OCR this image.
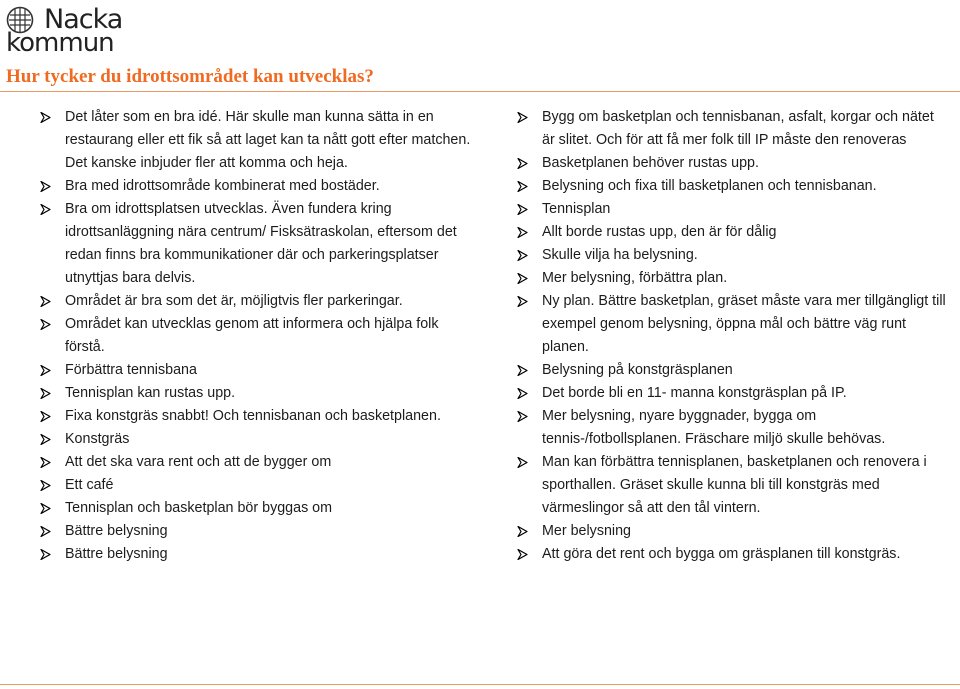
Nacka
kommun
Hur tycker du idrottsområdet kan utvecklas?
Det låter som en bra idé. Här skulle man kunna sätta in en restaurang eller ett fik så att laget kan ta nått gott efter matchen. Det kanske inbjuder fler att komma och heja.
Bra med idrottsområde kombinerat med bostäder.
Bra om idrottsplatsen utvecklas. Även fundera kring idrottsanläggning nära centrum/ Fisksätraskolan, eftersom det redan finns bra kommunikationer där och parkeringsplatser utnyttjas bara delvis.
Området är bra som det är, möjligtvis fler parkeringar.
Området kan utvecklas genom att informera och hjälpa folk förstå.
Förbättra tennisbana
Tennisplan kan rustas upp.
Fixa konstgräs snabbt! Och tennisbanan och basketplanen.
Konstgräs
Att det ska vara rent och att de bygger om
Ett café
Tennisplan och basketplan bör byggas om
Bättre belysning
Bättre belysning
Bygg om basketplan och tennisbanan, asfalt, korgar och nätet är slitet. Och för att få mer folk till IP måste den renoveras
Basketplanen behöver rustas upp.
Belysning och fixa till basketplanen och tennisbanan.
Tennisplan
Allt borde rustas upp, den är för dålig
Skulle vilja ha belysning.
Mer belysning, förbättra plan.
Ny plan. Bättre basketplan, gräset måste vara mer tillgängligt till exempel genom belysning, öppna mål och bättre väg runt planen.
Belysning på konstgräsplanen
Det borde bli en 11- manna konstgräsplan på IP.
Mer belysning, nyare byggnader, bygga om tennis-/fotbollsplanen. Fräschare miljö skulle behövas.
Man kan förbättra tennisplanen, basketplanen och renovera i sporthallen. Gräset skulle kunna bli till konstgräs med värmeslingor så att den tål vintern.
Mer belysning
Att göra det rent och bygga om gräsplanen till konstgräs.
